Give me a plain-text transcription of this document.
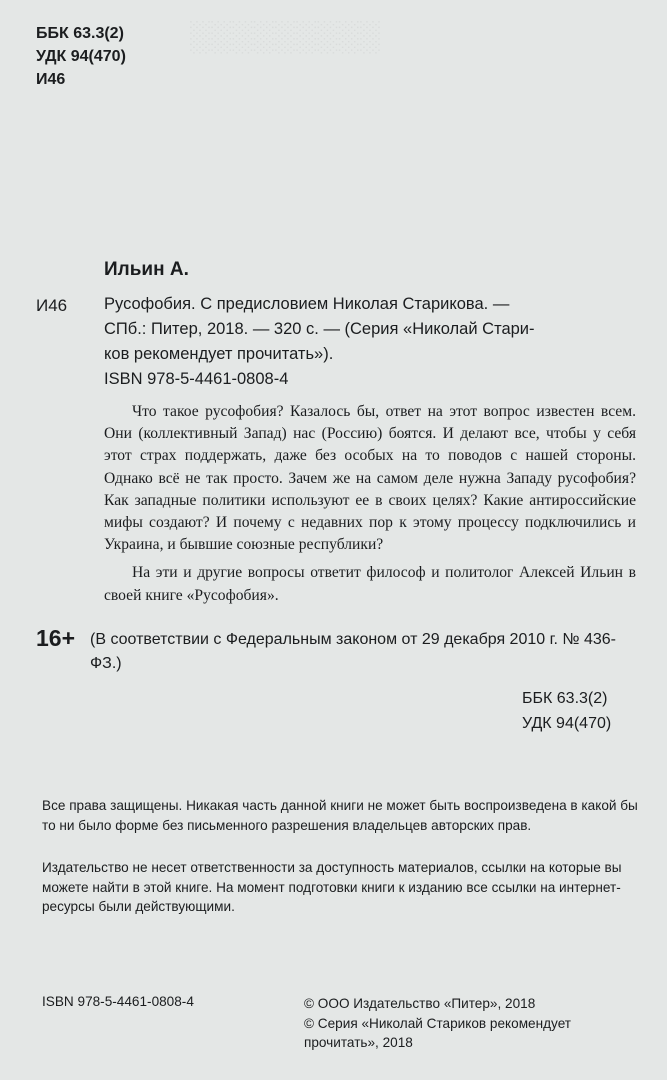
░░░░░░░░░
ББК 63.3(2)
УДК 94(470)
И46
Ильин А.
И46 Русофобия. С предисловием Николая Старикова. —
СПб.: Питер, 2018. — 320 с. — (Серия «Николай Стари-
ков рекомендует прочитать»).
ISBN 978-5-4461-0808-4

Что такое русофобия? Казалось бы, ответ на этот вопрос известен всем. Они (коллективный Запад) нас (Россию) боятся. И делают все, чтобы у себя этот страх поддержать, даже без особых на то поводов с нашей стороны. Однако всё не так просто. Зачем же на самом деле нужна Западу русофобия? Как западные политики используют ее в своих целях? Какие антироссийские мифы создают? И почему с недавних пор к этому процессу подключились и Украина, и бывшие союзные республики?

На эти и другие вопросы ответит философ и политолог Алексей Ильин в своей книге «Русофобия».

16+ (В соответствии с Федеральным законом от 29 декабря 2010 г. № 436-ФЗ.)
ББК 63.3(2)
УДК 94(470)
Все права защищены. Никакая часть данной книги не может быть воспроизведена в какой бы то ни было форме без письменного разрешения владельцев авторских прав.
Издательство не несет ответственности за доступность материалов, ссылки на которые вы можете найти в этой книге. На момент подготовки книги к изданию все ссылки на интернет-ресурсы были действующими.
ISBN 978-5-4461-0808-4	© ООО Издательство «Питер», 2018
© Серия «Николай Стариков рекомендует прочитать», 2018
